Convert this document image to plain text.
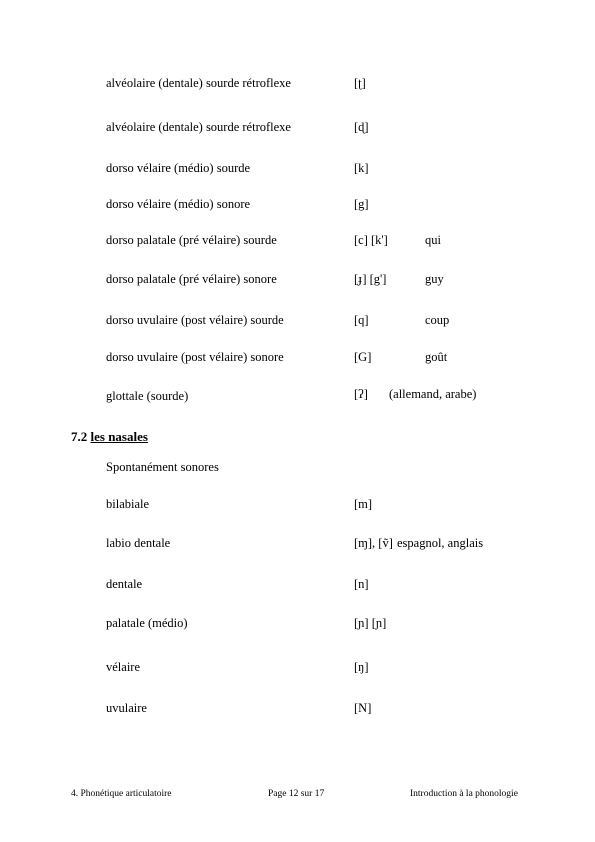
alvéolaire (dentale) sourde rétroflexe	[ʈ]
alvéolaire (dentale) sourde rétroflexe	[ɖ]
dorso vélaire (médio) sourde	[k]
dorso vélaire (médio) sonore	[g]
dorso palatale (pré vélaire) sourde	[c] [k']	qui
dorso palatale (pré vélaire) sonore	[ɟ] [g']	guy
dorso uvulaire (post vélaire) sourde	[q]	coup
dorso uvulaire (post vélaire) sonore	[G]	goût
glottale (sourde)	[ʔ] (allemand, arabe)
7.2 les nasales
Spontanément sonores
bilabiale	[m]
labio dentale	[ɱ], [ṽ] espagnol, anglais
dentale	[n]
palatale (médio)	[ɲ] [ɲ]
vélaire	[ŋ]
uvulaire	[N]
4. Phonétique articulatoire	Page 12 sur 17	Introduction à la phonologie
